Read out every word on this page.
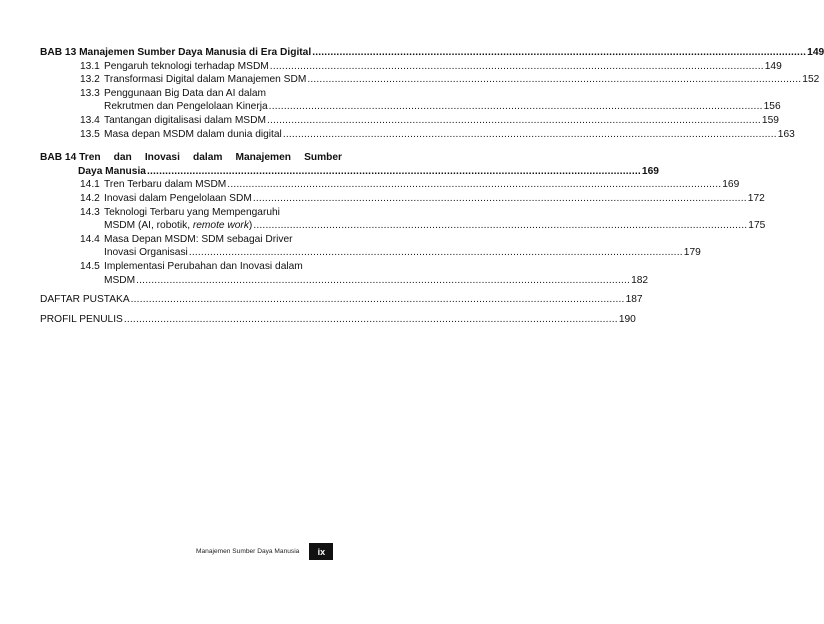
BAB 13 Manajemen Sumber Daya Manusia di Era Digital .....	149
13.1 Pengaruh teknologi terhadap MSDM .....	149
13.2 Transformasi Digital dalam Manajemen SDM .....	152
13.3 Penggunaan Big Data dan AI dalam
Rekrutmen dan Pengelolaan Kinerja .....	156
13.4 Tantangan digitalisasi dalam MSDM .....	159
13.5 Masa depan MSDM dalam dunia digital .....	163
BAB 14 Tren dan Inovasi dalam Manajemen Sumber
Daya Manusia .....	169
14.1 Tren Terbaru dalam MSDM .....	169
14.2 Inovasi dalam Pengelolaan SDM .....	172
14.3 Teknologi Terbaru yang Mempengaruhi
MSDM (AI, robotik, remote work) .....	175
14.4 Masa Depan MSDM: SDM sebagai Driver
Inovasi Organisasi .....	179
14.5 Implementasi Perubahan dan Inovasi dalam
MSDM .....	182
DAFTAR PUSTAKA .....	187
PROFIL PENULIS .....	190
Manajemen Sumber Daya Manusia	ix
